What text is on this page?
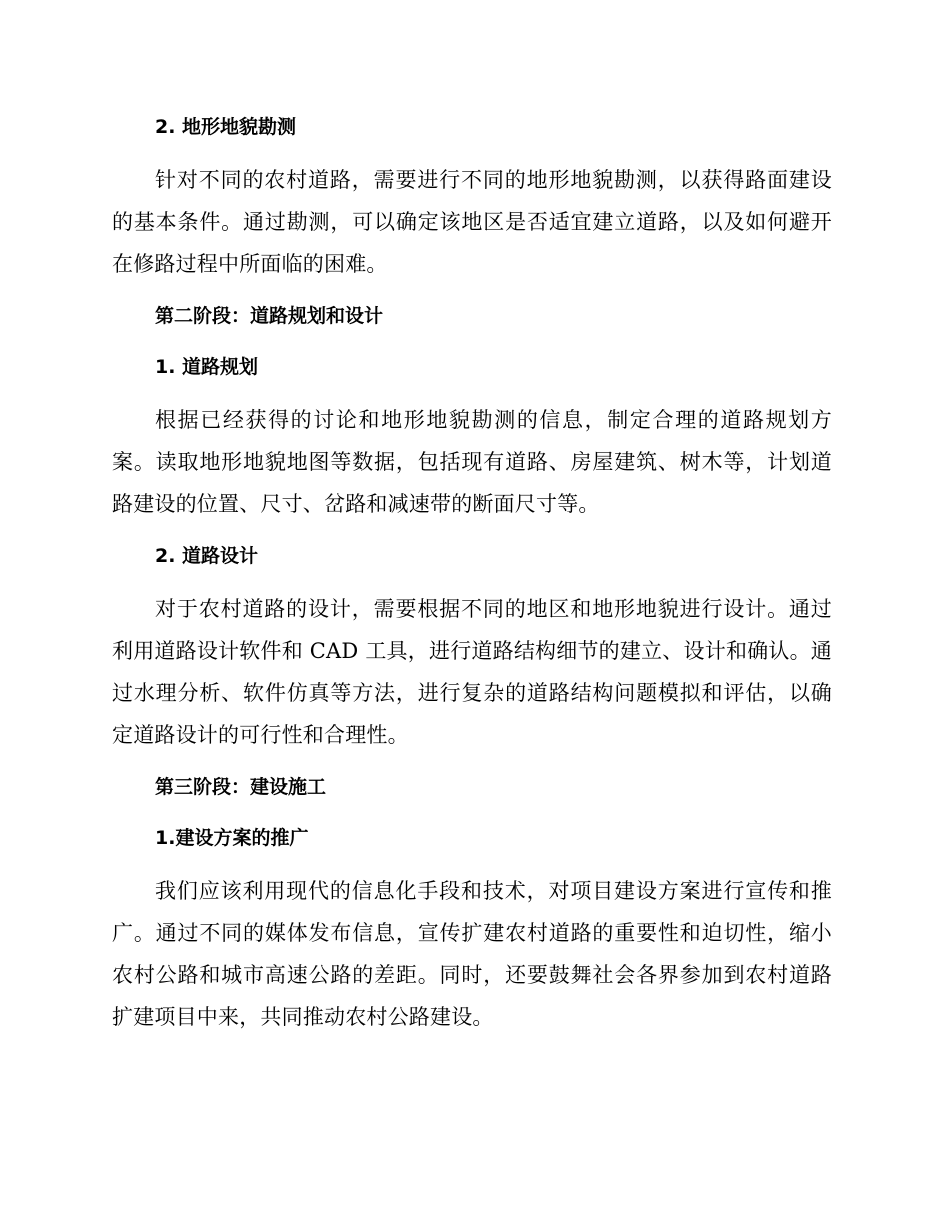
2. 地形地貌勘测

针对不同的农村道路，需要进行不同的地形地貌勘测，以获得路面建设的基本条件。通过勘测，可以确定该地区是否适宜建立道路，以及如何避开在修路过程中所面临的困难。

第二阶段：道路规划和设计
1. 道路规划

根据已经获得的讨论和地形地貌勘测的信息，制定合理的道路规划方案。读取地形地貌地图等数据，包括现有道路、房屋建筑、树木等，计划道路建设的位置、尺寸、岔路和减速带的断面尺寸等。

2. 道路设计

对于农村道路的设计，需要根据不同的地区和地形地貌进行设计。通过利用道路设计软件和 CAD 工具，进行道路结构细节的建立、设计和确认。通过水理分析、软件仿真等方法，进行复杂的道路结构问题模拟和评估，以确定道路设计的可行性和合理性。

第三阶段：建设施工
1.建设方案的推广

我们应该利用现代的信息化手段和技术，对项目建设方案进行宣传和推广。通过不同的媒体发布信息，宣传扩建农村道路的重要性和迫切性，缩小农村公路和城市高速公路的差距。同时，还要鼓舞社会各界参加到农村道路扩建项目中来，共同推动农村公路建设。
